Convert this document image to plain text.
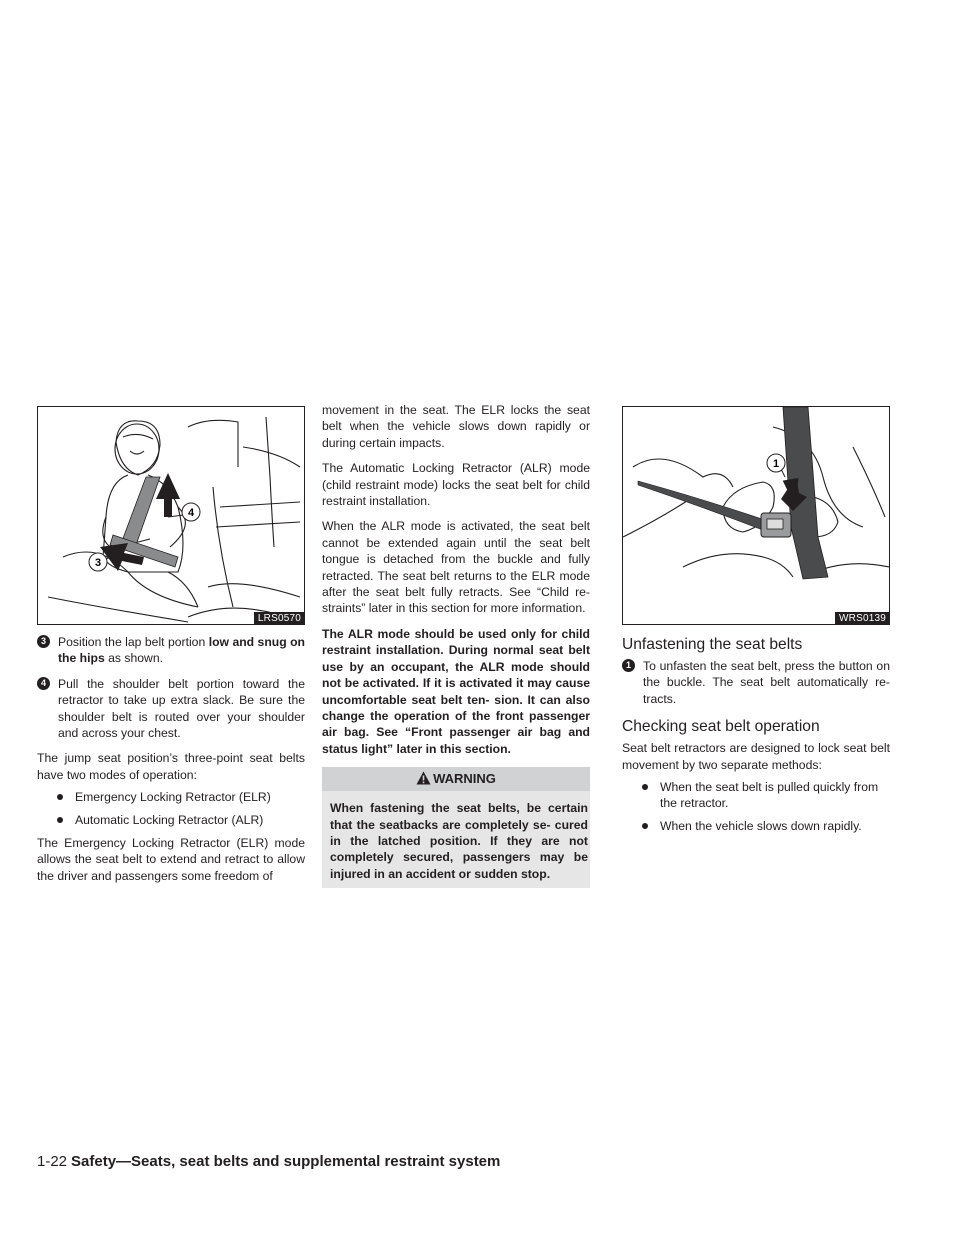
4
3
LRS0570
3 Position the lap belt portion low and snug on the hips as shown.
4 Pull the shoulder belt portion toward the retractor to take up extra slack. Be sure the shoulder belt is routed over your shoulder and across your chest.

The jump seat position’s three-point seat belts have two modes of operation:

Emergency Locking Retractor (ELR)
Automatic Locking Retractor (ALR)

The Emergency Locking Retractor (ELR) mode allows the seat belt to extend and retract to allow the driver and passengers some freedom of

movement in the seat. The ELR locks the seat belt when the vehicle slows down rapidly or during certain impacts.

The Automatic Locking Retractor (ALR) mode (child restraint mode) locks the seat belt for child restraint installation.

When the ALR mode is activated, the seat belt cannot be extended again until the seat belt tongue is detached from the buckle and fully retracted. The seat belt returns to the ELR mode after the seat belt fully retracts. See “Child re- straints” later in this section for more information.

The ALR mode should be used only for child restraint installation. During normal seat belt use by an occupant, the ALR mode should not be activated. If it is activated it may cause uncomfortable seat belt ten- sion. It can also change the operation of the front passenger air bag. See “Front passenger air bag and status light” later in this section.

WARNING
When fastening the seat belts, be certain that the seatbacks are completely se- cured in the latched position. If they are not completely secured, passengers may be injured in an accident or sudden stop.
1
WRS0139
Unfastening the seat belts
1 To unfasten the seat belt, press the button on the buckle. The seat belt automatically re- tracts.
Checking seat belt operation

Seat belt retractors are designed to lock seat belt movement by two separate methods:

When the seat belt is pulled quickly from the retractor.
When the vehicle slows down rapidly.
1-22 Safety—Seats, seat belts and supplemental restraint system
